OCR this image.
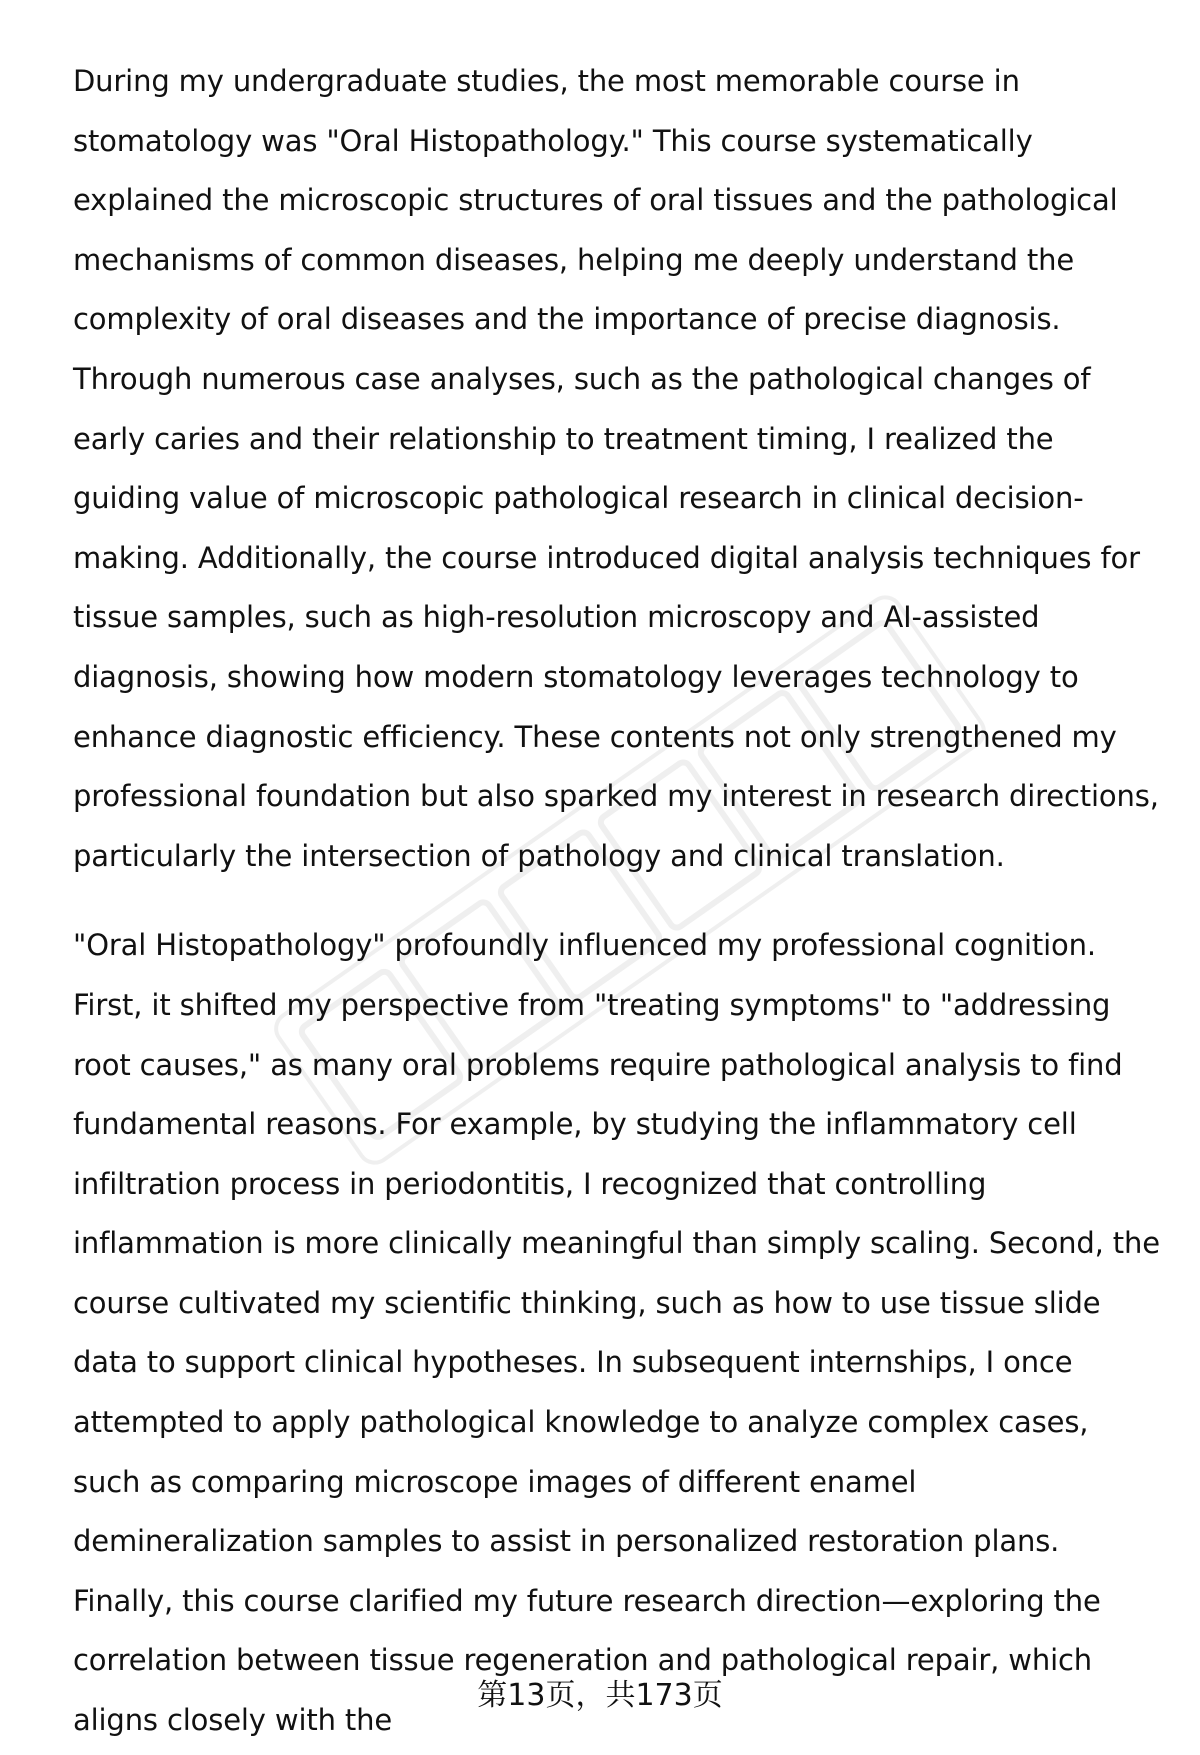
During my undergraduate studies, the most memorable course in stomatology was "Oral Histopathology." This course systematically explained the microscopic structures of oral tissues and the pathological mechanisms of common diseases, helping me deeply understand the complexity of oral diseases and the importance of precise diagnosis. Through numerous case analyses, such as the pathological changes of early caries and their relationship to treatment timing, I realized the guiding value of microscopic pathological research in clinical decision-making. Additionally, the course introduced digital analysis techniques for tissue samples, such as high-resolution microscopy and AI-assisted diagnosis, showing how modern stomatology leverages technology to enhance diagnostic efficiency. These contents not only strengthened my professional foundation but also sparked my interest in research directions, particularly the intersection of pathology and clinical translation.

"Oral Histopathology" profoundly influenced my professional cognition. First, it shifted my perspective from "treating symptoms" to "addressing root causes," as many oral problems require pathological analysis to find fundamental reasons. For example, by studying the inflammatory cell infiltration process in periodontitis, I recognized that controlling inflammation is more clinically meaningful than simply scaling. Second, the course cultivated my scientific thinking, such as how to use tissue slide data to support clinical hypotheses. In subsequent internships, I once attempted to apply pathological knowledge to analyze complex cases, such as comparing microscope images of different enamel demineralization samples to assist in personalized restoration plans. Finally, this course clarified my future research direction—exploring the correlation between tissue regeneration and pathological repair, which aligns closely with the

第13页，共173页
